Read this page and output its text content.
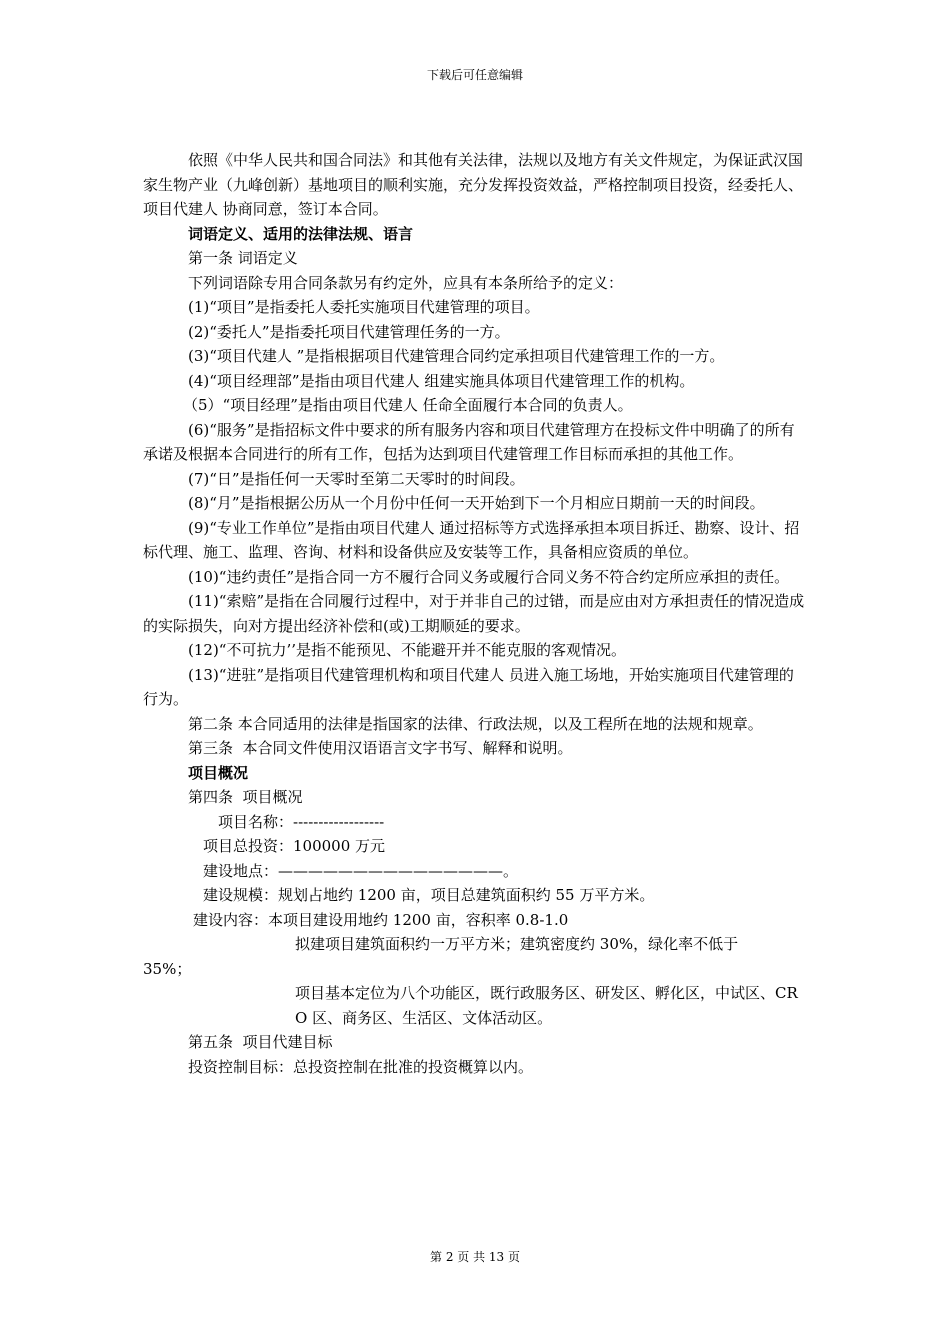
下载后可任意编辑

依照《中华人民共和国合同法》和其他有关法律，法规以及地方有关文件规定，为保证武汉国家生物产业（九峰创新）基地项目的顺利实施，充分发挥投资效益，严格控制项目投资，经委托人、项目代建人 协商同意，签订本合同。

词语定义、适用的法律法规、语言

第一条 词语定义

下列词语除专用合同条款另有约定外，应具有本条所给予的定义：

(1)“项目”是指委托人委托实施项目代建管理的项目。

(2)“委托人”是指委托项目代建管理任务的一方。

(3)“项目代建人 ”是指根据项目代建管理合同约定承担项目代建管理工作的一方。

(4)“项目经理部”是指由项目代建人 组建实施具体项目代建管理工作的机构。

（5）“项目经理”是指由项目代建人 任命全面履行本合同的负责人。

(6)“服务”是指招标文件中要求的所有服务内容和项目代建管理方在投标文件中明确了的所有承诺及根据本合同进行的所有工作，包括为达到项目代建管理工作目标而承担的其他工作。

(7)“日”是指任何一天零时至第二天零时的时间段。

(8)“月”是指根据公历从一个月份中任何一天开始到下一个月相应日期前一天的时间段。

(9)“专业工作单位”是指由项目代建人 通过招标等方式选择承担本项目拆迁、勘察、设计、招标代理、施工、监理、咨询、材料和设备供应及安装等工作，具备相应资质的单位。

(10)“违约责任”是指合同一方不履行合同义务或履行合同义务不符合约定所应承担的责任。

(11)“索赔”是指在合同履行过程中，对于并非自己的过错，而是应由对方承担责任的情况造成的实际损失，向对方提出经济补偿和(或)工期顺延的要求。

(12)“不可抗力’’是指不能预见、不能避开并不能克服的客观情况。

(13)“进驻”是指项目代建管理机构和项目代建人 员进入施工场地，开始实施项目代建管理的行为。

第二条 本合同适用的法律是指国家的法律、行政法规，以及工程所在地的法规和规章。

第三条  本合同文件使用汉语语言文字书写、解释和说明。

项目概况

第四条  项目概况

项目名称：------------------

项目总投资：100000 万元

建设地点：———————————————。

建设规模：规划占地约 1200 亩，项目总建筑面积约 55 万平方米。

建设内容：本项目建设用地约 1200 亩，容积率 0.8-1.0

拟建项目建筑面积约一万平方米；建筑密度约 30%，绿化率不低于

35%；

项目基本定位为八个功能区，既行政服务区、研发区、孵化区，中试区、CRO 区、商务区、生活区、文体活动区。

第五条  项目代建目标

投资控制目标：总投资控制在批准的投资概算以内。

第 2 页 共 13 页
